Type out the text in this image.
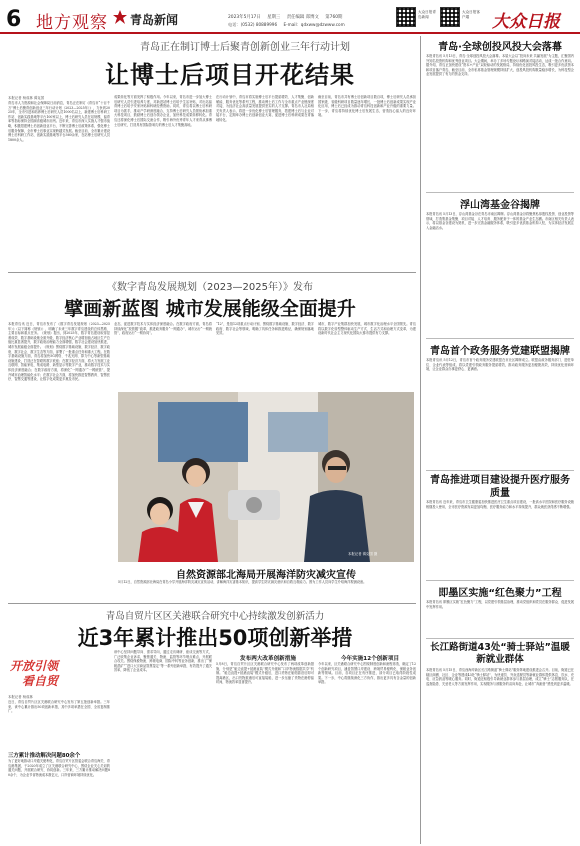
6 地方观察 青岛新闻	2023年5月17日 星期三 责任编辑 郑博文 第760期
电话：(0532) 80889996 E-mail：qdxww@dzwww.com
大众日报青岛新闻
大众日报客户端	大众日报
青岛正在制订博士后聚青创新创业三年行动计划
让博士后项目开花结果
本报记者 杨成林 薄克国
青岛市人力资源和社会保障局日前消息，青岛正在制订《青岛市“十百千万”博士后聚青创新创业三年行动计划（2023—2025年）》，力争到2025年，全市引进和培养博士后研究人员1000名以上，新建博士后科研工作站、创新实践基地等平台100家以上，博士后研究人员在站规模、留青率等指标保持全国副省级城市前列。近年来，青岛市深入实施人才强市战略，积极搭建博士后创新创业平台，不断完善博士后政策体系，强化博士后服务保障，全市博士后事业实现跨越式发展。截至目前，全市累计建设博士后科研工作站、创新实践基地等平台360余家，在站博士后研究人员1800余人。
成果转化等方面发挥了积极作用。今年以来，青岛市进一步加大博士后研究人员引进培养力度，对新进站博士后给予生活补贴，对出站留青博士后给予安家补贴和科研经费资助。同时，青岛将以博士后科研项目为抓手，推动产学研深度融合，支持博士后研究人员领衔承担重大科技项目，鼓励博士后创办领办企业，加快科技成果转移转化。青岛还将深化博士后国际交流合作，吸引海外优秀青年人才来青从事博士后研究，打造具有国际影响力的博士后人才集聚高地。
在行动计划中，青岛市将实施博士后平台提质增效、人才集聚、创新赋能、服务优化等系列工程，推动博士后工作与全市重点产业链深度对接，为经济社会高质量发展提供坚实的人才支撑。青岛市人社局相关负责人表示，将进一步优化博士后管理服务，搭建博士后与企业对接平台，定期举办博士后创新创业大赛，促进博士后科研成果在青落地转化。
截至目前，青岛市共有博士后创新项目数百项，博士后研究人员承担国家级、省级科研项目数量逐年增长，一批博士后创新成果实现产业化应用，博士后已经成为推动青岛科技创新和产业升级的重要力量。下一步，青岛将持续优化博士后发展生态，营造拴心留人的良好环境。
《数字青岛发展规划（2023—2025年）》发布
擘画新蓝图 城市发展能级全面提升
本报青岛讯 近日，青岛市发布了《数字青岛发展规划（2023—2025年）》（以下简称《规划》），明确了未来三年数字青岛建设的总体思路、主要目标和重点任务。《规划》提出，到2025年，数字青岛建设取得显著成效，数字基础设施全面升级，数字经济核心产业增加值占地区生产总值比重显著提升，数字政府治理能力全面增强，数字社会建设加快推进，城市发展能级全面提升。《规划》围绕数字基础设施、数字经济、数字政府、数字社会、数字生态等方面，部署了一批重点任务和重大工程。在数字基础设施方面，青岛将加快5G网络、千兆光网、算力中心等新型基础设施建设，打造泛在智联的数字底座；在数字经济方面，将大力发展工业互联网、智能家电、集成电路、新型显示等数字产业，推动数字技术与实体经济深度融合；在数字政府方面，将深化“一网通办”“一网统管”，提升城市治理智能化水平；在数字社会方面，将加快推进智慧教育、智慧医疗、智慧交通等建设，让数字化成果更多惠及市民。
业态，促进数字技术与实体经济深度融合。在数字政府方面，青岛将持续深化“放管服”改革，推进政务服务“一网通办”，城市运行“一网统管”，政府运行“一网协同”。
“12”，是指12项重点行动计划，围绕数字基础设施、数字经济、数字政府、数字社会等领域，明确了具体任务和推进路径，确保规划落地见效。
城市，数字产业集群加快发展，城市数字化治理水平全国领先。青岛将以数字化转型整体驱动生产方式、生活方式和治理方式变革，为建设新时代社会主义现代化国际大都市提供有力支撑。
本报记者 薄克国 摄
自然资源部北海局开展海洋防灾减灾宣传
5月12日，自然资源部北海局在青岛小学开展海洋防灾减灾宣传活动，讲解海洋灾害基本知识，提高学生防灾减灾意识和自救互救能力。图为工作人员向学生介绍海洋观测设备。
青岛自贸片区区关港联合研究中心持续激发创新活力
近3年累计推出50项创新举措
开放引领
看自贸
本报记者 杨成林
近日，青岛自贸片区区关港联合研究中心发布了第五批创新举措。三年来，该中心累计推出50项创新举措，其中多项举措在全国、全省复制推广。
三方累计推动解决问题80余个
为了更好地推动口岸通关便利化，青岛自贸片区管委会联合青岛海关、青岛港集团，于2020年成立了区关港联合研究中心，围绕企业关心关切的通关问题，开展联合研究、协同创新。三年来，三方累计推动解决问题80余个，为企业节省物流成本数亿元，口岸营商环境持续优化。
该中心坚持问题导向、需求导向，通过走访调研、座谈交流等方式，广泛收集企业诉求，聚焦通关、物流、监管等环节堵点难点，开展联合攻关。围绕保税物流、跨境电商、国际中转等业务创新，推出了“保税混矿”“进口大宗商品智慧鉴定”等一系列创新举措，有效提升了通关效率，降低了企业成本。
发布两大改革创新措施
5月8日，青岛自贸片区区关港联合研究中心发布了两项改革创新措施，分别是“船边直提+抵港直装”模式升级和“口岸物流数据共享”机制。“船边直提+抵港直装”模式升级后，进口货物在船舶靠泊后即可提离港区，出口货物抵港后可直接装船，进一步压缩了货物在港停留时间，物流效率显著提升。
今年实施12个创新项目
今年以来，区关港联合研究中心围绕制度创新和流程再造，确定了12个创新研究项目，涵盖智慧口岸建设、跨境贸易便利化、保税业务创新等领域。目前，各项目正在有序推进，部分项目已取得阶段性成果。下一步，中心将继续深化三方协作，推出更多具有含金量的创新举措。
青岛·全球创投风投大会落幕
本报青岛讯 5月13日，青岛·全球创投风投大会落幕。本届大会以“投向未来 共赢发展”为主题，汇聚国内外知名投资机构和优秀创业项目。大会期间，举办了多场专题论坛和路演对接活动，达成一批合作意向。据介绍，青岛正加快建设“资本+产业”双轮驱动的发展格局，持续优化创投风投生态，吸引更多优质资本和项目落户青岛，截至目前，全市私募基金管理规模持续扩大，创投风投机构数量稳步增长，为科技型企业发展提供了有力的资金支持。
浮山湾基金谷揭牌
本报青岛讯 5月13日，浮山湾基金谷在青岛市南区揭牌。浮山湾基金谷将聚焦私募股权投资、创业投资等领域，打造集基金集聚、项目对接、人才培育、服务配套于一体的基金产业生态圈。市南区相关负责人表示，将以基金谷建设为契机，进一步完善金融服务体系，吸引更多优质基金机构入驻，为实体经济发展注入金融活水。
青岛首个政务服务党建联盟揭牌
本报青岛讯 5月12日，青岛市首个政务服务党建联盟在市北区揭牌成立。联盟由政务服务部门、进驻单位、企业代表等组成，将以党建引领政务服务提质增效，推动政务服务更加便捷高效，持续优化营商环境，让企业群众办事更舒心、更满意。
青岛推进项目建设提升医疗服务质量
本报青岛讯 近年来，青岛市卫生健康委加快推进医疗卫生重点项目建设，一批高水平医院和医疗服务设施相继投入使用，全市医疗资源布局更加均衡，医疗服务能力和水平持续提升，群众就医获得感不断增强。
即墨区实施“红色聚力”工程
本报青岛讯 即墨区实施“红色聚力”工程，以党建引领基层治理，推动党组织和党员在服务群众、促进发展中发挥作用。
长江路街道43处“骑士驿站”温暖新就业群体
本报青岛讯 5月15日，青岛西海岸新区长江路街道“骑士驿站”服务阵地建设推进会召开。目前，街道已在辖区商圈、社区、企业等建成43处“骑士驿站”，为快递员、外卖送餐员等新就业群体提供休息、饮水、充电、应急药品等暖心服务。同时，街道还积极引导新就业群体参与基层治理，成立“骑士”志愿服务队，在巡查隐患、关爱老人等方面发挥作用，实现服务与被服务的双向奔赴，让城市“奔跑者”感受到更多温暖。
